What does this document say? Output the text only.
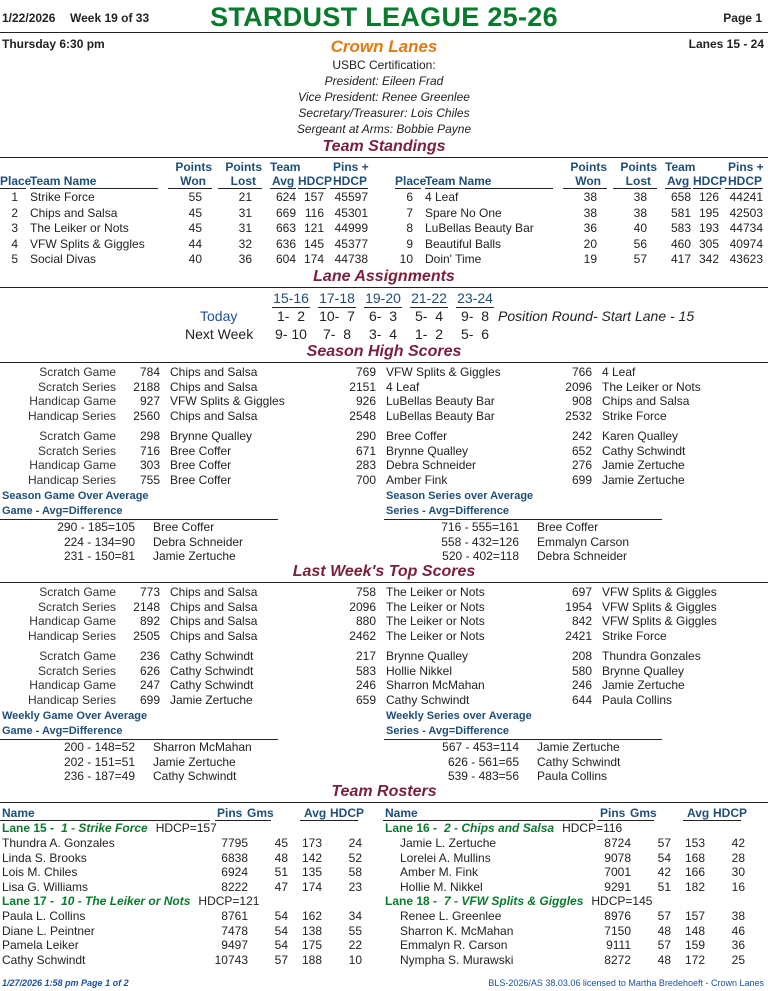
1/22/2026 Week 19 of 33	STARDUST LEAGUE 25-26	Page 1
Thursday 6:30 pm	Crown Lanes	Lanes 15 - 24
USBC Certification:
President: Eileen Frad
Vice President: Renee Greenlee
Secretary/Treasurer: Lois Chiles
Sergeant at Arms: Bobbie Payne
Team Standings
Points
Won
Points
Lost
Team
Avg HDCP
Pins +
HDCP
Place
Team Name
1 Strike Force	55	21	624 157 45597
2 Chips and Salsa	45	31	669 116 45301
3 The Leiker or Nots	45	31	663 121 44999
4 VFW Splits & Giggles	44	32	636 145 45377
5 Social Divas	40	36	604 174 44738
Points
Won
Points
Lost
Team
Avg HDCP
Pins +
HDCP
Place
Team Name
6 4 Leaf	38	38	658 126 44241
7 Spare No One	38	38	581 195 42503
8 LuBellas Beauty Bar	36	40	583 193 44734
9 Beautiful Balls	20	56	460 305 40974
10 Doin' Time	19	57	417 342 43623
Lane Assignments
15-16 17-18 19-20 21-22 23-24
Today	1-  2	10-  7	6-  3	5-  4	9-  8 Position Round- Start Lane - 15
Next Week 9- 10	7-  8	3-  4	1-  2	5-  6
Season High Scores
Scratch Game	784 Chips and Salsa	769 VFW Splits & Giggles	766 4 Leaf
Scratch Series	2188 Chips and Salsa	2151 4 Leaf	2096 The Leiker or Nots
Handicap Game	927 VFW Splits & Giggles	926 LuBellas Beauty Bar	908 Chips and Salsa
Handicap Series	2560 Chips and Salsa	2548 LuBellas Beauty Bar	2532 Strike Force
Scratch Game	298 Brynne Qualley	290 Bree Coffer	242 Karen Qualley
Scratch Series	716 Bree Coffer	671 Brynne Qualley	652 Cathy Schwindt
Handicap Game	303 Bree Coffer	283 Debra Schneider	276 Jamie Zertuche
Handicap Series	755 Bree Coffer	700 Amber Fink	699 Jamie Zertuche
Season Game Over Average
Game - Avg=Difference
290 - 185=105 Bree Coffer
224 - 134=90 Debra Schneider
231 - 150=81 Jamie Zertuche
Season Series over Average
Series - Avg=Difference
716 - 555=161 Bree Coffer
558 - 432=126 Emmalyn Carson
520 - 402=118 Debra Schneider
Last Week's Top Scores
Scratch Game	773 Chips and Salsa	758 The Leiker or Nots	697 VFW Splits & Giggles
Scratch Series	2148 Chips and Salsa	2096 The Leiker or Nots	1954 VFW Splits & Giggles
Handicap Game	892 Chips and Salsa	880 The Leiker or Nots	842 VFW Splits & Giggles
Handicap Series	2505 Chips and Salsa	2462 The Leiker or Nots	2421 Strike Force
Scratch Game	236 Cathy Schwindt	217 Brynne Qualley	208 Thundra Gonzales
Scratch Series	626 Cathy Schwindt	583 Hollie Nikkel	580 Brynne Qualley
Handicap Game	247 Cathy Schwindt	246 Sharron McMahan	246 Jamie Zertuche
Handicap Series	699 Jamie Zertuche	659 Cathy Schwindt	644 Paula Collins
Weekly Game Over Average
Game - Avg=Difference
200 - 148=52 Sharron McMahan
202 - 151=51 Jamie Zertuche
236 - 187=49 Cathy Schwindt
Weekly Series over Average
Series - Avg=Difference
567 - 453=114 Jamie Zertuche
626 - 561=65 Cathy Schwindt
539 - 483=56 Paula Collins
Team Rosters
Name	Pins Gms	Avg HDCP Name	Pins Gms	Avg HDCP
Lane 15 - 1 - Strike Force HDCP=157
Thundra A. Gonzales	7795	45	173	24
Linda S. Brooks	6838	48	142	52
Lois M. Chiles	6924	51	135	58
Lisa G. Williams	8222	47	174	23
Lane 16 - 2 - Chips and Salsa HDCP=116
Jamie L. Zertuche	8724	57	153	42
Lorelei A. Mullins	9078	54	168	28
Amber M. Fink	7001	42	166	30
Hollie M. Nikkel	9291	51	182	16
Lane 17 - 10 - The Leiker or Nots HDCP=121
Paula L. Collins	8761	54	162	34
Diane L. Peintner	7478	54	138	55
Pamela Leiker	9497	54	175	22
Cathy Schwindt	10743	57	188	10
Lane 18 - 7 - VFW Splits & Giggles HDCP=145
Renee L. Greenlee	8976	57	157	38
Sharron K. McMahan	7150	48	148	46
Emmalyn R. Carson	9111	57	159	36
Nympha S. Murawski	8272	48	172	25
1/27/2026 1:58 pm Page 1 of 2	BLS-2026/AS 38.03.06 licensed to Martha Bredehoeft - Crown Lanes
